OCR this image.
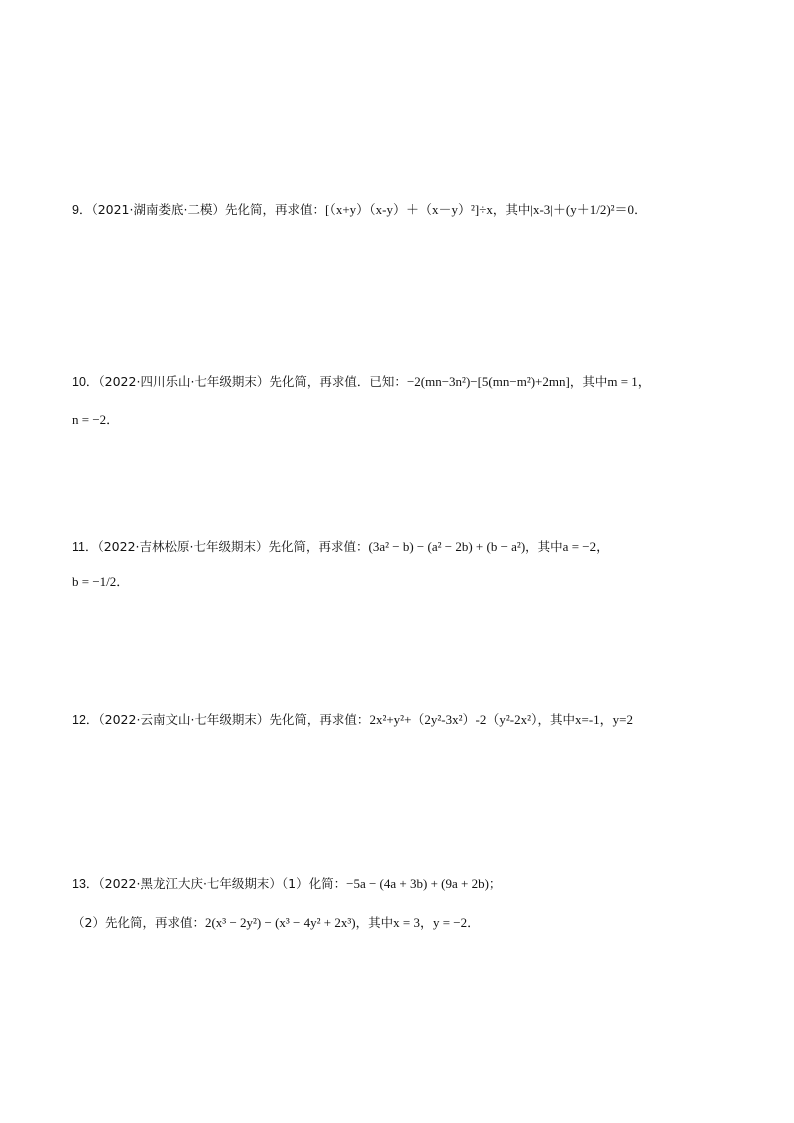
9．（2021·湖南娄底·二模）先化简，再求值：[（x+y）（x-y）＋（x－y）²]÷x，其中|x-3|＋(y＋1/2)²＝0．
10．（2022·四川乐山·七年级期末）先化简，再求值．已知：−2(mn−3n²)−[5(mn−m²)+2mn]，其中m = 1，
n = −2．
11．（2022·吉林松原·七年级期末）先化简，再求值：(3a² − b) − (a² − 2b) + (b − a²)，其中a = −2，
b = −1/2．
12．（2022·云南文山·七年级期末）先化简，再求值：2x²+y²+（2y²-3x²）-2（y²-2x²），其中x=-1，y=2
13．（2022·黑龙江大庆·七年级期末）（1）化简：−5a − (4a + 3b) + (9a + 2b)；
（2）先化简，再求值：2(x³ − 2y²) − (x³ − 4y² + 2x³)，其中x = 3，y = −2．
